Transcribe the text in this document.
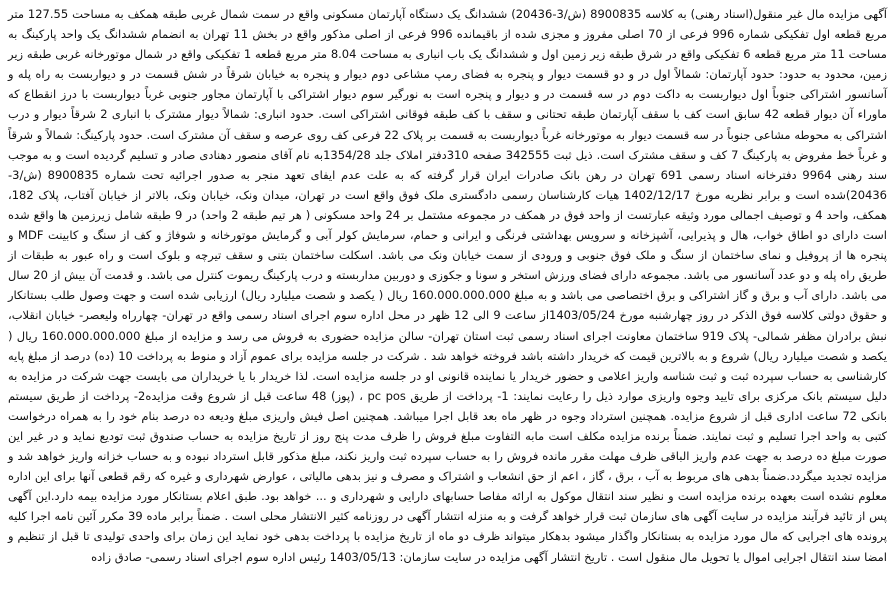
آگهی مزایده مال غیر منقول(اسناد رهنی) به کلاسه 8900835 (ش/3-20436) ششدانگ یک دستگاه آپارتمان مسکونی واقع در سمت شمال غربی طبقه همکف به مساحت 127.55 متر مربع قطعه اول تفکیکی شماره 996 فرعی از 70 اصلی مفروز و مجزی شده از باقیمانده 996 فرعی از اصلی مذکور واقع در بخش 11 تهران به انضمام ششدانگ یک واحد پارکینگ به مساحت 11 متر مربع قطعه 6 تفکیکی واقع در شرق طبقه زیر زمین اول و ششدانگ یک باب انباری به مساحت 8.04 متر مربع قطعه 1 تفکیکی واقع در شمال موتورخانه غربی طبقه زیر زمین، محدود به حدود: حدود آپارتمان: شمالاً اول در و دو قسمت دیوار و پنجره به فضای رمپ مشاعی دوم دیوار و پنجره به خیابان شرقاً در شش قسمت در و دیواربست به راه پله و آسانسور اشتراکی جنوباً اول دیواربست به داکت دوم در سه قسمت در و دیوار و پنجره است به نورگیر سوم دیوار اشتراکی با آپارتمان مجاور جنوبی غرباً دیواربست با درز انقطاع که ماوراء آن دیوار قطعه 42 سابق است کف با سقف آپارتمان طبقه تحتانی و سقف با کف طبقه فوقانی اشتراکی است. حدود انباری: شمالاً دیوار مشترک با انباری 2 شرقاً دیوار و درب اشتراکی به محوطه مشاعی جنوباً در سه قسمت دیوار به موتورخانه غرباً دیواربست به قسمت بر پلاک 22 فرعی کف روی عرصه و سقف آن مشترک است. حدود پارکینگ: شمالاً و شرقاً و غرباً خط مفروض به پارکینگ 7 کف و سقف مشترک است. ذیل ثبت 342555 صفحه 310دفتر املاک جلد 1354/28به نام آقای منصور دهنادی صادر و تسلیم گردیده است و به موجب سند رهنی 9964 دفترخانه اسناد رسمی 691 تهران در رهن بانک صادرات ایران قرار گرفته که به علت عدم ایفای تعهد منجر به صدور اجرائیه تحت شماره 8900835 (ش/3-20436)شده است و برابر نظریه مورخ 1402/12/17 هیات کارشناسان رسمی دادگستری ملک فوق واقع است در تهران، میدان ونک، خیابان ونک، بالاتر از خیابان آفتاب، پلاک 182، همکف، واحد 4 و توصیف اجمالی مورد وثیقه عبارتست از واحد فوق در همکف در مجموعه مشتمل بر 24 واحد مسکونی ( هر تیم طبقه 2 واحد) در 9 طبقه شامل زیرزمین ها واقع شده است دارای دو اطاق خواب، هال و پذیرایی، آشپزخانه و سرویس بهداشتی فرنگی و ایرانی و حمام، سرمایش کولر آبی و گرمایش موتورخانه و شوفاژ و کف از سنگ و کابینت MDF و پنجره ها از پروفیل و نمای ساختمان از سنگ و ملک فوق جنوبی و ورودی از سمت خیابان ونک می باشد. اسکلت ساختمان بتنی و سقف تیرچه و بلوک است و راه عبور به طبقات از طریق راه پله و دو عدد آسانسور می باشد. مجموعه دارای فضای ورزش استخر و سونا و جکوزی و دوربین مداربسته و درب پارکینگ ریموت کنترل می باشد. و قدمت آن بیش از 20 سال می باشد. دارای آب و برق و گاز اشتراکی و برق اختصاصی می باشد و به مبلغ 160.000.000.000 ریال ( یکصد و شصت میلیارد ریال) ارزیابی شده است و جهت وصول طلب بستانکار و حقوق دولتی کلاسه فوق الذکر در روز چهارشنبه مورخ 1403/05/24از ساعت 9 الی 12 ظهر در محل اداره سوم اجرای اسناد رسمی واقع در تهران- چهارراه ولیعصر- خیابان انقلاب، نبش برادران مظفر شمالی- پلاک 919 ساختمان معاونت اجرای اسناد رسمی ثبت استان تهران- سالن مزایده حضوری به فروش می رسد و مزایده از مبلغ 160.000.000.000 ریال ( یکصد و شصت میلیارد ریال) شروع و به بالاترین قیمت که خریدار داشته باشد فروخته خواهد شد . شرکت در جلسه مزایده برای عموم آزاد و منوط به پرداخت 10 (ده) درصد از مبلغ پایه کارشناسی به حساب سپرده ثبت و ثبت شناسه واریز اعلامی و حضور خریدار یا نماینده قانونی او در جلسه مزایده است. لذا خریدار با یا خریداران می بایست جهت شرکت در مزایده به دلیل سیستم بانک مرکزی برای تایید وجوه واریزی موارد ذیل را رعایت نمایند: 1- پرداخت از طریق pc pos ، (پوز) 48 ساعت قبل از شروع وقت مزایده2- پرداخت از طریق سیستم بانکی 72 ساعت اداری قبل از شروع مزایده. همچنین استرداد وجوه در ظهر ماه بعد قابل اجرا میباشد. همچنین اصل فیش واریزی مبلغ ودیعه ده درصد بنام خود را به همراه درخواست کتبی به واحد اجرا تسلیم و ثبت نمایند. ضمناً برنده مزایده مکلف است مابه التفاوت مبلغ فروش را ظرف مدت پنج روز از تاریخ مزایده به حساب صندوق ثبت تودیع نماید و در غیر این صورت مبلغ ده درصد به جهت عدم واریز الباقی ظرف مهلت مقرر مانده فروش را به حساب سپرده ثبت واریز نکند، مبلغ مذکور قابل استرداد نبوده و به حساب خزانه واریز خواهد شد و مزایده تجدید میگردد.ضمناً بدهی های مربوط به آب ، برق ، گاز ، اعم از حق انشعاب و اشتراک و مصرف و نیز بدهی مالیاتی ، عوارض شهرداری و غیره که رقم قطعی آنها برای این اداره معلوم نشده است بعهده برنده مزایده است و نظیر سند انتقال موکول به ارائه مفاصا حسابهای دارایی و شهرداری و ... خواهد بود. طبق اعلام بستانکار مورد مزایده بیمه دارد.این آگهی پس از تائید فرآیند مزایده در سایت آگهی های سازمان ثبت قرار خواهد گرفت و به منزله انتشار آگهی در روزنامه کثیر الانتشار محلی است . ضمناً برابر ماده 39 مکرر آئین نامه اجرا کلیه پرونده های اجرایی که مال مورد مزایده به بستانکار واگذار میشود بدهکار میتواند ظرف دو ماه از تاریخ مزایده با پرداخت بدهی خود نماید این زمان برای واحدی تولیدی تا قبل از تنظیم و امضا سند انتقال اجرایی اموال یا تحویل مال منقول است . تاریخ انتشار آگهی مزایده در سایت سازمان: 1403/05/13 رئیس اداره سوم اجرای اسناد رسمی- صادق زاده
